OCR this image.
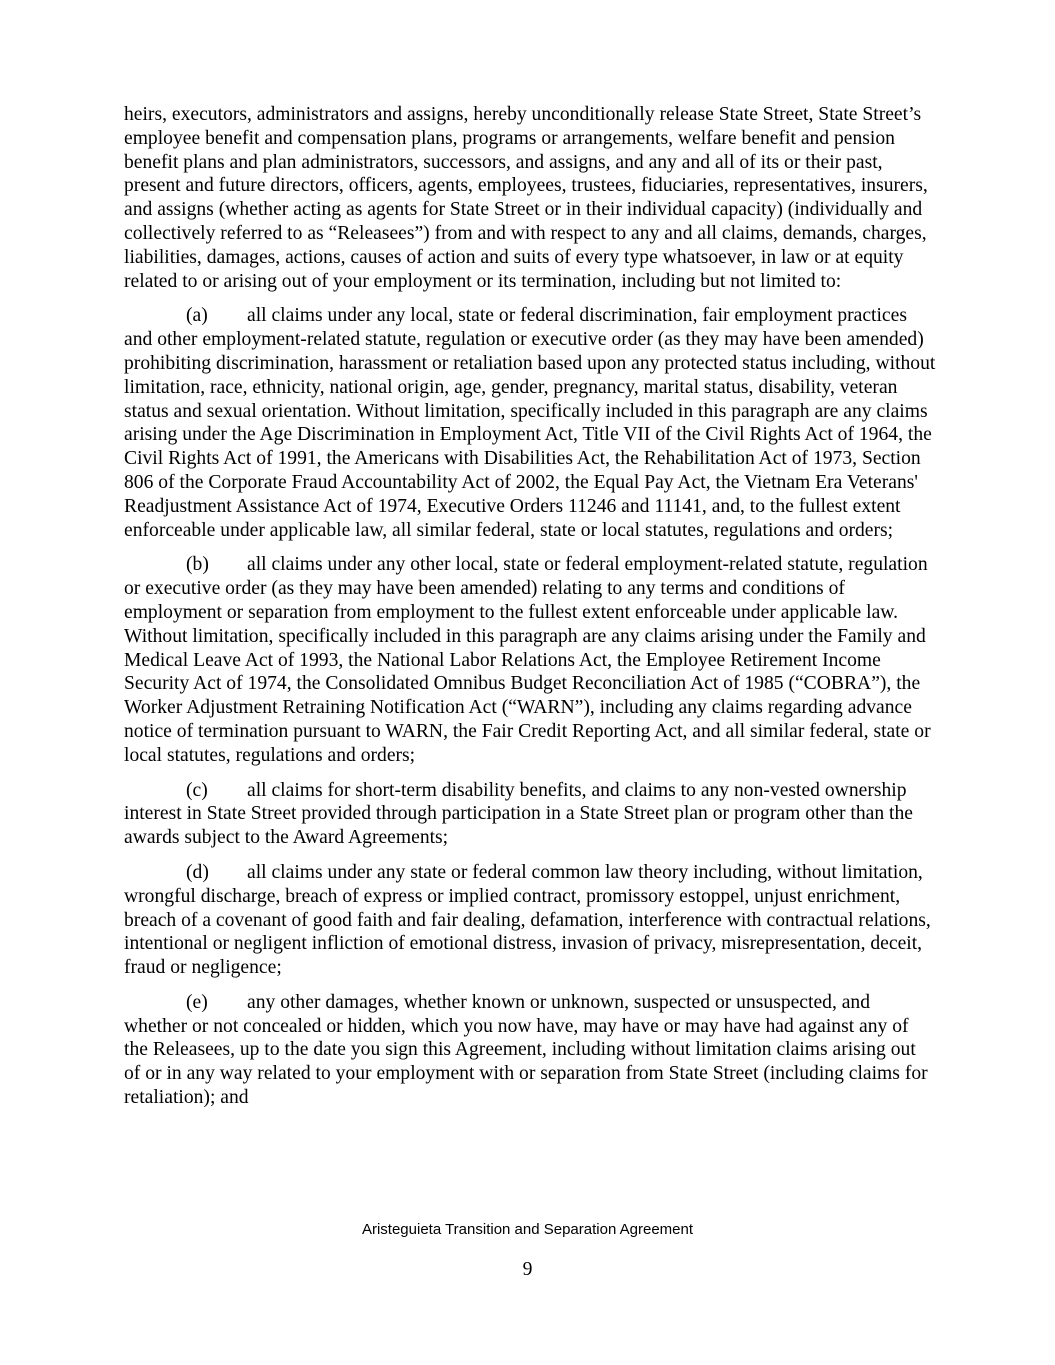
heirs, executors, administrators and assigns, hereby unconditionally release State Street, State Street’s employee benefit and compensation plans, programs or arrangements, welfare benefit and pension benefit plans and plan administrators, successors, and assigns, and any and all of its or their past, present and future directors, officers, agents, employees, trustees, fiduciaries, representatives, insurers, and assigns (whether acting as agents for State Street or in their individual capacity) (individually and collectively referred to as “Releasees”) from and with respect to any and all claims, demands, charges, liabilities, damages, actions, causes of action and suits of every type whatsoever, in law or at equity related to or arising out of your employment or its termination, including but not limited to:

(a) all claims under any local, state or federal discrimination, fair employment practices and other employment-related statute, regulation or executive order (as they may have been amended) prohibiting discrimination, harassment or retaliation based upon any protected status including, without limitation, race, ethnicity, national origin, age, gender, pregnancy, marital status, disability, veteran status and sexual orientation. Without limitation, specifically included in this paragraph are any claims arising under the Age Discrimination in Employment Act, Title VII of the Civil Rights Act of 1964, the Civil Rights Act of 1991, the Americans with Disabilities Act, the Rehabilitation Act of 1973, Section 806 of the Corporate Fraud Accountability Act of 2002, the Equal Pay Act, the Vietnam Era Veterans' Readjustment Assistance Act of 1974, Executive Orders 11246 and 11141, and, to the fullest extent enforceable under applicable law, all similar federal, state or local statutes, regulations and orders;

(b) all claims under any other local, state or federal employment-related statute, regulation or executive order (as they may have been amended) relating to any terms and conditions of employment or separation from employment to the fullest extent enforceable under applicable law. Without limitation, specifically included in this paragraph are any claims arising under the Family and Medical Leave Act of 1993, the National Labor Relations Act, the Employee Retirement Income Security Act of 1974, the Consolidated Omnibus Budget Reconciliation Act of 1985 (“COBRA”), the Worker Adjustment Retraining Notification Act (“WARN”), including any claims regarding advance notice of termination pursuant to WARN, the Fair Credit Reporting Act, and all similar federal, state or local statutes, regulations and orders;

(c) all claims for short-term disability benefits, and claims to any non-vested ownership interest in State Street provided through participation in a State Street plan or program other than the awards subject to the Award Agreements;

(d) all claims under any state or federal common law theory including, without limitation, wrongful discharge, breach of express or implied contract, promissory estoppel, unjust enrichment, breach of a covenant of good faith and fair dealing, defamation, interference with contractual relations, intentional or negligent infliction of emotional distress, invasion of privacy, misrepresentation, deceit, fraud or negligence;

(e) any other damages, whether known or unknown, suspected or unsuspected, and whether or not concealed or hidden, which you now have, may have or may have had against any of the Releasees, up to the date you sign this Agreement, including without limitation claims arising out of or in any way related to your employment with or separation from State Street (including claims for retaliation); and

Aristeguieta Transition and Separation Agreement
9
